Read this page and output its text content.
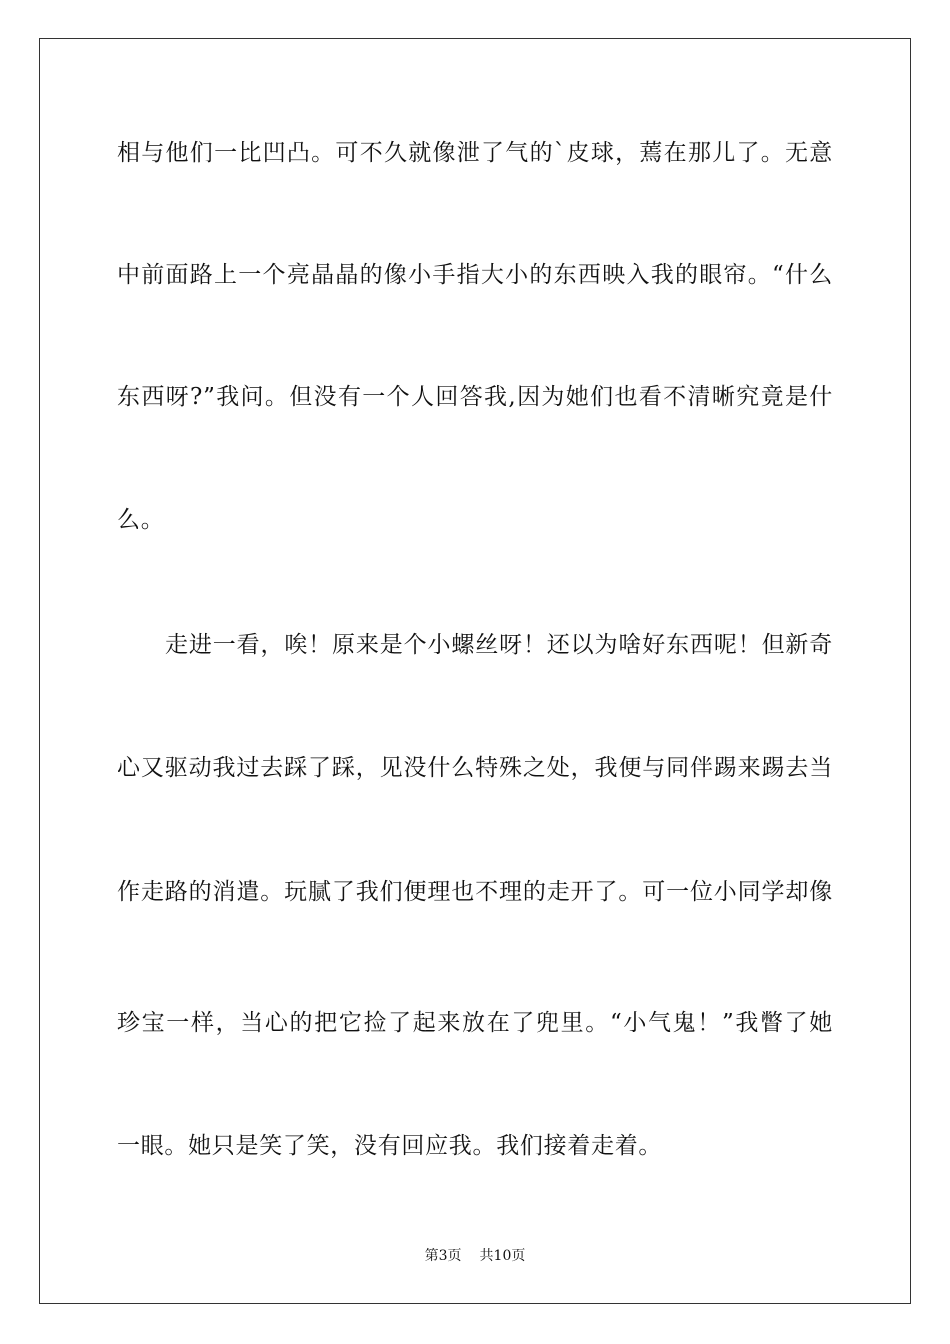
相与他们一比凹凸。可不久就像泄了气的`皮球，蔫在那儿了。无意
中前面路上一个亮晶晶的像小手指大小的东西映入我的眼帘。“什么
东西呀?”我问。但没有一个人回答我,因为她们也看不清晰究竟是什
么。
走进一看，唉！原来是个小螺丝呀！还以为啥好东西呢！但新奇
心又驱动我过去踩了踩，见没什么特殊之处，我便与同伴踢来踢去当
作走路的消遣。玩腻了我们便理也不理的走开了。可一位小同学却像
珍宝一样，当心的把它捡了起来放在了兜里。“小气鬼！”我瞥了她
一眼。她只是笑了笑，没有回应我。我们接着走着。
第3页 共10页
